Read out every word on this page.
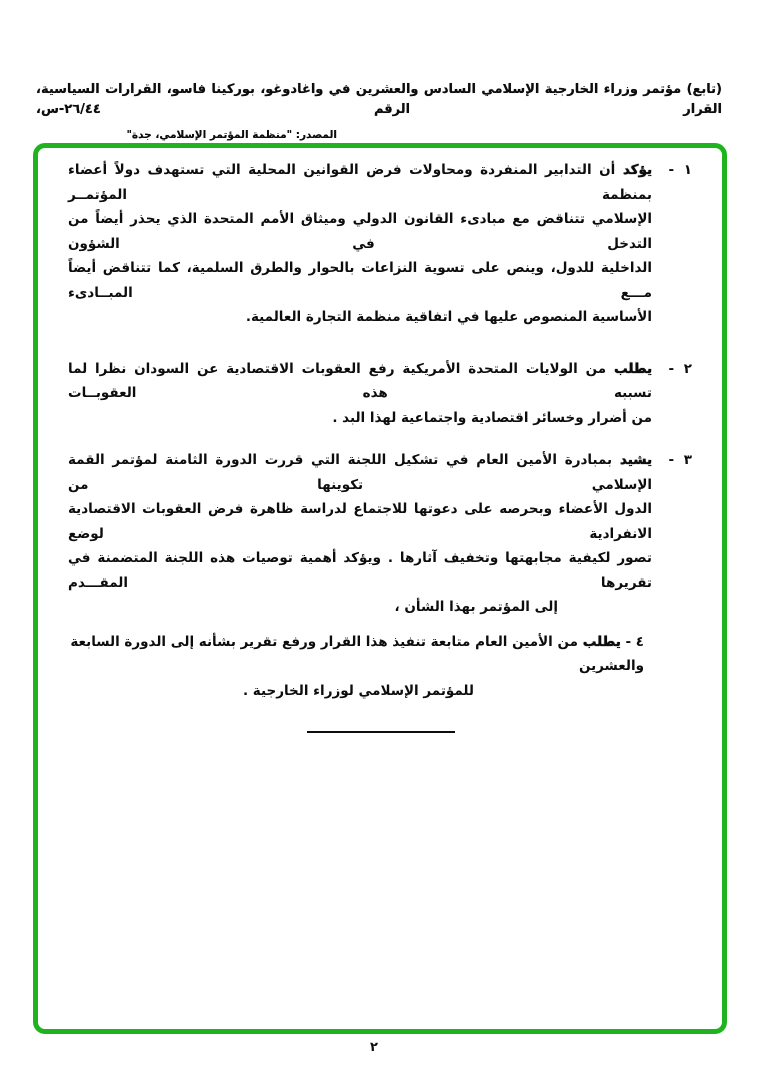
(تابع) مؤتمر وزراء الخارجية الإسلامي السادس والعشرين في واغادوغو، بوركينا فاسو، القرارات السياسية، القرار الرقم ٢٦/٤٤-س،
المصدر: "منظمة المؤتمر الإسلامي، جدة"
١ -
يؤكد أن التدابير المنفردة ومحاولات فرض القوانين المحلية التي تستهدف دولاً أعضاء بمنظمة المؤتمــر
الإسلامي تتناقض مع مبادىء القانون الدولي وميثاق الأمم المتحدة الذي يحذر أيضاً من التدخل في الشؤون
الداخلية للدول، وينص على تسوية النزاعات بالحوار والطرق السلمية، كما تتناقض أيضاً مـــع المبــادىء
الأساسية المنصوص عليها في اتفاقية منظمة التجارة العالمية.
٢ -
يطلب من الولايات المتحدة الأمريكية رفع العقوبات الاقتصادية عن السودان نظرا لما تسببه هذه العقوبــات
من أضرار وخسائر اقتصادية واجتماعية لهذا البد .
٣ -
يشيد بمبادرة الأمين العام في تشكيل اللجنة التي قررت الدورة الثامنة لمؤتمر القمة الإسلامي تكوينها من
الدول الأعضاء وبحرصه على دعوتها للاجتماع لدراسة ظاهرة فرض العقوبات الاقتصادية الانفرادية لوضع
تصور لكيفية مجابهتها وتخفيف آثارها . ويؤكد أهمية توصيات هذه اللجنة المتضمنة في تقريرها المقـــدم
إلى المؤتمر بهذا الشأن ،
٤ - يطلب من الأمين العام متابعة تنفيذ هذا القرار ورفع تقرير بشأنه إلى الدورة السابعة والعشرين
للمؤتمر الإسلامي لوزراء الخارجية .
٢
